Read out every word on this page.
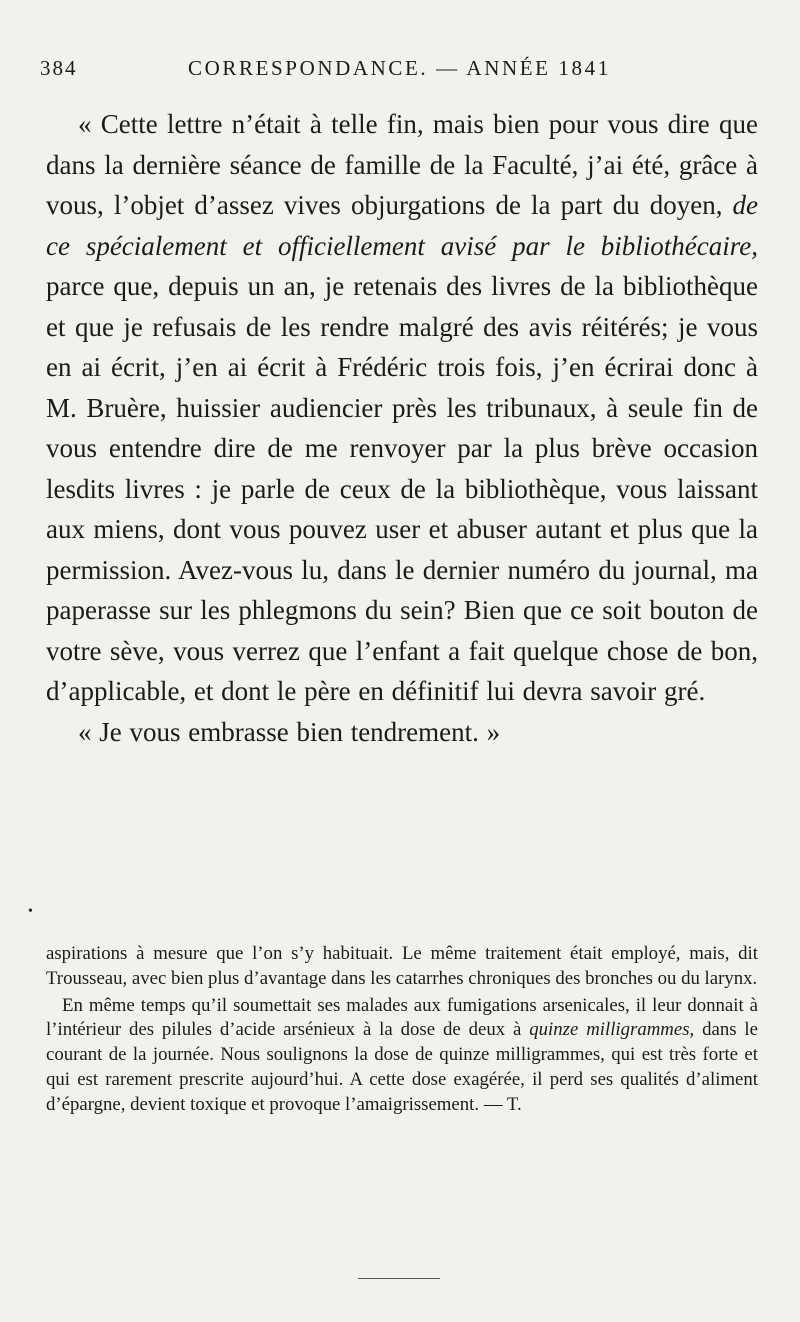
384	CORRESPONDANCE. — ANNÉE 1841

« Cette lettre n’était à telle fin, mais bien pour vous dire que dans la dernière séance de famille de la Faculté, j’ai été, grâce à vous, l’objet d’assez vives objurgations de la part du doyen, de ce spécialement et officiellement avisé par le bibliothécaire, parce que, depuis un an, je retenais des livres de la bibliothèque et que je refusais de les rendre malgré des avis réitérés; je vous en ai écrit, j’en ai écrit à Frédéric trois fois, j’en écrirai donc à M. Bruère, huissier audiencier près les tribunaux, à seule fin de vous entendre dire de me renvoyer par la plus brève occasion lesdits livres : je parle de ceux de la bibliothèque, vous laissant aux miens, dont vous pouvez user et abuser autant et plus que la permission. Avez-vous lu, dans le dernier numéro du journal, ma paperasse sur les phlegmons du sein? Bien que ce soit bouton de votre sève, vous verrez que l’enfant a fait quelque chose de bon, d’applicable, et dont le père en définitif lui devra savoir gré.

« Je vous embrasse bien tendrement. »

•

aspirations à mesure que l’on s’y habituait. Le même traitement était employé, mais, dit Trousseau, avec bien plus d’avantage dans les catarrhes chroniques des bronches ou du larynx.

En même temps qu’il soumettait ses malades aux fumigations arsenicales, il leur donnait à l’intérieur des pilules d’acide arsénieux à la dose de deux à quinze milligrammes, dans le courant de la journée. Nous soulignons la dose de quinze milligrammes, qui est très forte et qui est rarement prescrite aujourd’hui. A cette dose exagérée, il perd ses qualités d’aliment d’épargne, devient toxique et provoque l’amaigrissement. — T.
